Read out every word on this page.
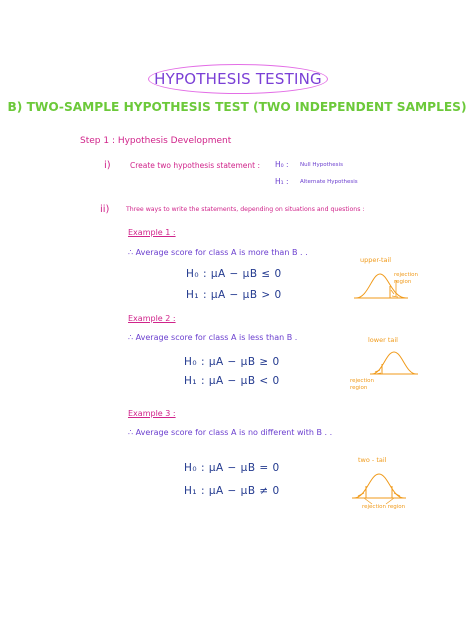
HYPOTHESIS TESTING
B) TWO-SAMPLE HYPOTHESIS TEST (TWO INDEPENDENT SAMPLES)
Step 1 : Hypothesis Development
i)	Create two hypothesis statement : H₀ : Null Hypothesis
H₁ : Alternate Hypothesis
ii)	Three ways to write the statements, depending on situations and questions :
Example 1 :
∴ Average score for class A is more than B . .
H₀ : μA − μB ≤ 0
H₁ : μA − μB > 0
upper-tail
rejection region
Example 2 :
∴ Average score for class A is less than B .
H₀ : μA − μB ≥ 0
H₁ : μA − μB < 0
lower tail
rejection region
Example 3 :
∴ Average score for class A is no different with B . .
H₀ : μA − μB = 0
H₁ : μA − μB ≠ 0
two - tail
rejection region
